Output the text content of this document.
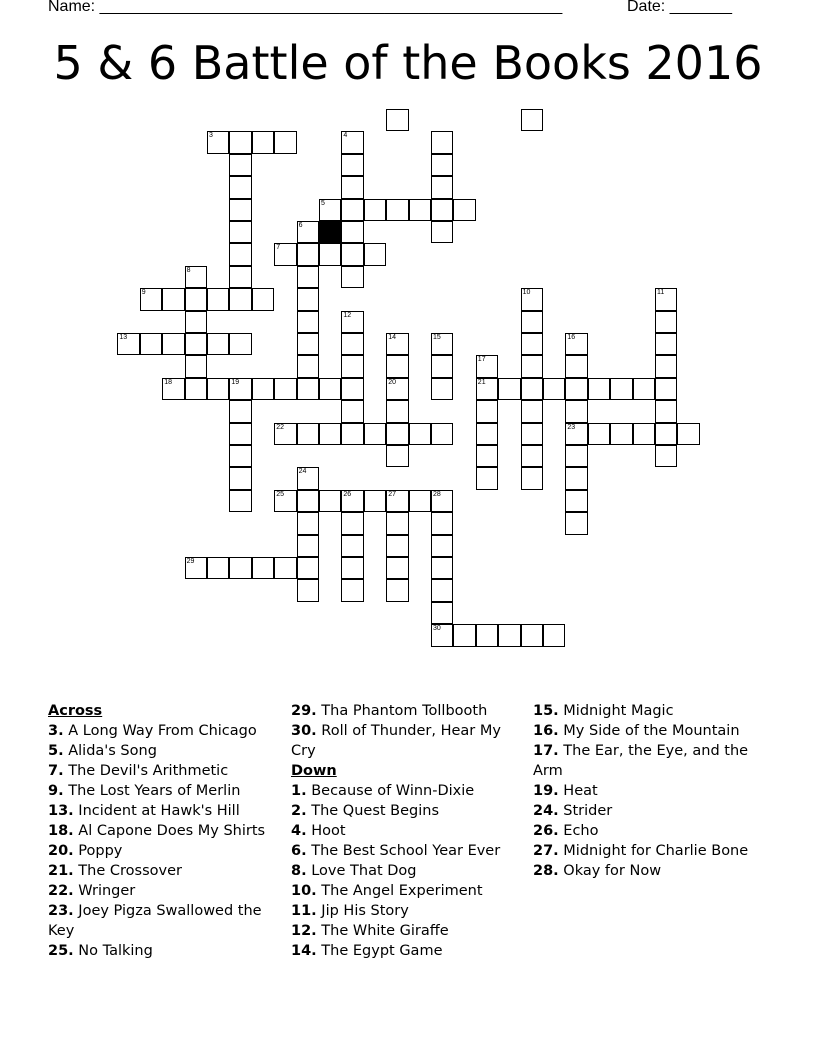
Name: ____________________________________________________	Date: _______
5 & 6 Battle of the Books 2016
3	4
5
6
7
8
9	10	11
12
13	14	15	16
17
18	19	20	21
22	23
24
25	26	27	28
29
30
Across
3. A Long Way From Chicago
5. Alida's Song
7. The Devil's Arithmetic
9. The Lost Years of Merlin
13. Incident at Hawk's Hill
18. Al Capone Does My Shirts
20. Poppy
21. The Crossover
22. Wringer
23. Joey Pigza Swallowed the Key
25. No Talking
29. Tha Phantom Tollbooth
30. Roll of Thunder, Hear My Cry
Down
1. Because of Winn-Dixie
2. The Quest Begins
4. Hoot
6. The Best School Year Ever
8. Love That Dog
10. The Angel Experiment
11. Jip His Story
12. The White Giraffe
14. The Egypt Game
15. Midnight Magic
16. My Side of the Mountain
17. The Ear, the Eye, and the Arm
19. Heat
24. Strider
26. Echo
27. Midnight for Charlie Bone
28. Okay for Now
